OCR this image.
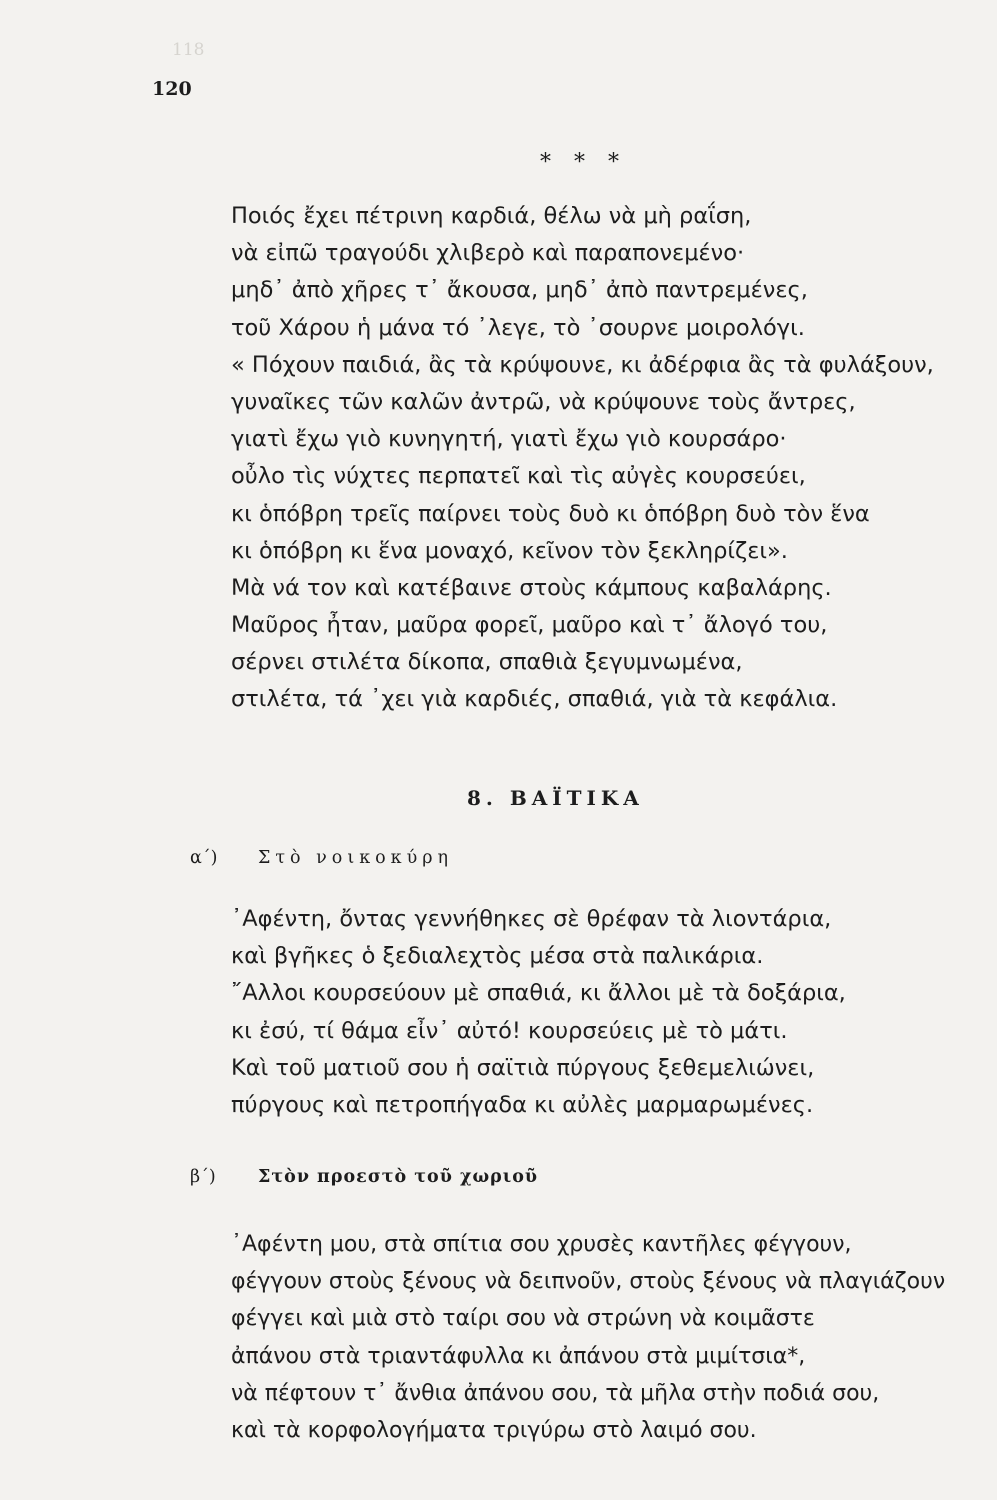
118
120
* * *
Ποιός ἔχει πέτρινη καρδιά, θέλω νὰ μὴ ραΐση,
νὰ εἰπῶ τραγούδι χλιβερὸ καὶ παραπονεμένο·
μηδ᾽ ἀπὸ χῆρες τ᾽ ἄκουσα, μηδ᾽ ἀπὸ παντρεμένες,
τοῦ Χάρου ἡ μάνα τό ᾽λεγε, τὸ ᾽σουρνε μοιρολόγι.
« Πόχουν παιδιά, ἂς τὰ κρύψουνε, κι ἀδέρφια ἂς τὰ φυλάξουν,
γυναῖκες τῶν καλῶν ἀντρῶ, νὰ κρύψουνε τοὺς ἄντρες,
γιατὶ ἔχω γιὸ κυνηγητή, γιατὶ ἔχω γιὸ κουρσάρο·
οὖλο τὶς νύχτες περπατεῖ καὶ τὶς αὐγὲς κουρσεύει,
κι ὁπόβρη τρεῖς παίρνει τοὺς δυὸ κι ὁπόβρη δυὸ τὸν ἕνα
κι ὁπόβρη κι ἕνα μοναχό, κεῖνον τὸν ξεκληρίζει».
Μὰ νά τον καὶ κατέβαινε στοὺς κάμπους καβαλάρης.
Μαῦρος ἦταν, μαῦρα φορεῖ, μαῦρο καὶ τ᾽ ἄλογό του,
σέρνει στιλέτα δίκοπα, σπαθιὰ ξεγυμνωμένα,
στιλέτα, τά ᾽χει γιὰ καρδιές, σπαθιά, γιὰ τὰ κεφάλια.
8. ΒΑΪΤΙΚΑ
α´)	Στὸ νοικοκύρη
᾽Αφέντη, ὄντας γεννήθηκες σὲ θρέφαν τὰ λιοντάρια,
καὶ βγῆκες ὁ ξεδιαλεχτὸς μέσα στὰ παλικάρια.
῎Αλλοι κουρσεύουν μὲ σπαθιά, κι ἄλλοι μὲ τὰ δοξάρια,
κι ἐσύ, τί θάμα εἶν᾽ αὐτό! κουρσεύεις μὲ τὸ μάτι.
Καὶ τοῦ ματιοῦ σου ἡ σαϊτιὰ πύργους ξεθεμελιώνει,
πύργους καὶ πετροπήγαδα κι αὐλὲς μαρμαρωμένες.
β´)	Στὸν προεστὸ τοῦ χωριοῦ
᾽Αφέντη μου, στὰ σπίτια σου χρυσὲς καντῆλες φέγγουν,
φέγγουν στοὺς ξένους νὰ δειπνοῦν, στοὺς ξένους νὰ πλαγιάζουν
φέγγει καὶ μιὰ στὸ ταίρι σου νὰ στρώνη νὰ κοιμᾶστε
ἀπάνου στὰ τριαντάφυλλα κι ἀπάνου στὰ μιμίτσια*,
νὰ πέφτουν τ᾽ ἄνθια ἀπάνου σου, τὰ μῆλα στὴν ποδιά σου,
καὶ τὰ κορφολογήματα τριγύρω στὸ λαιμό σου.
